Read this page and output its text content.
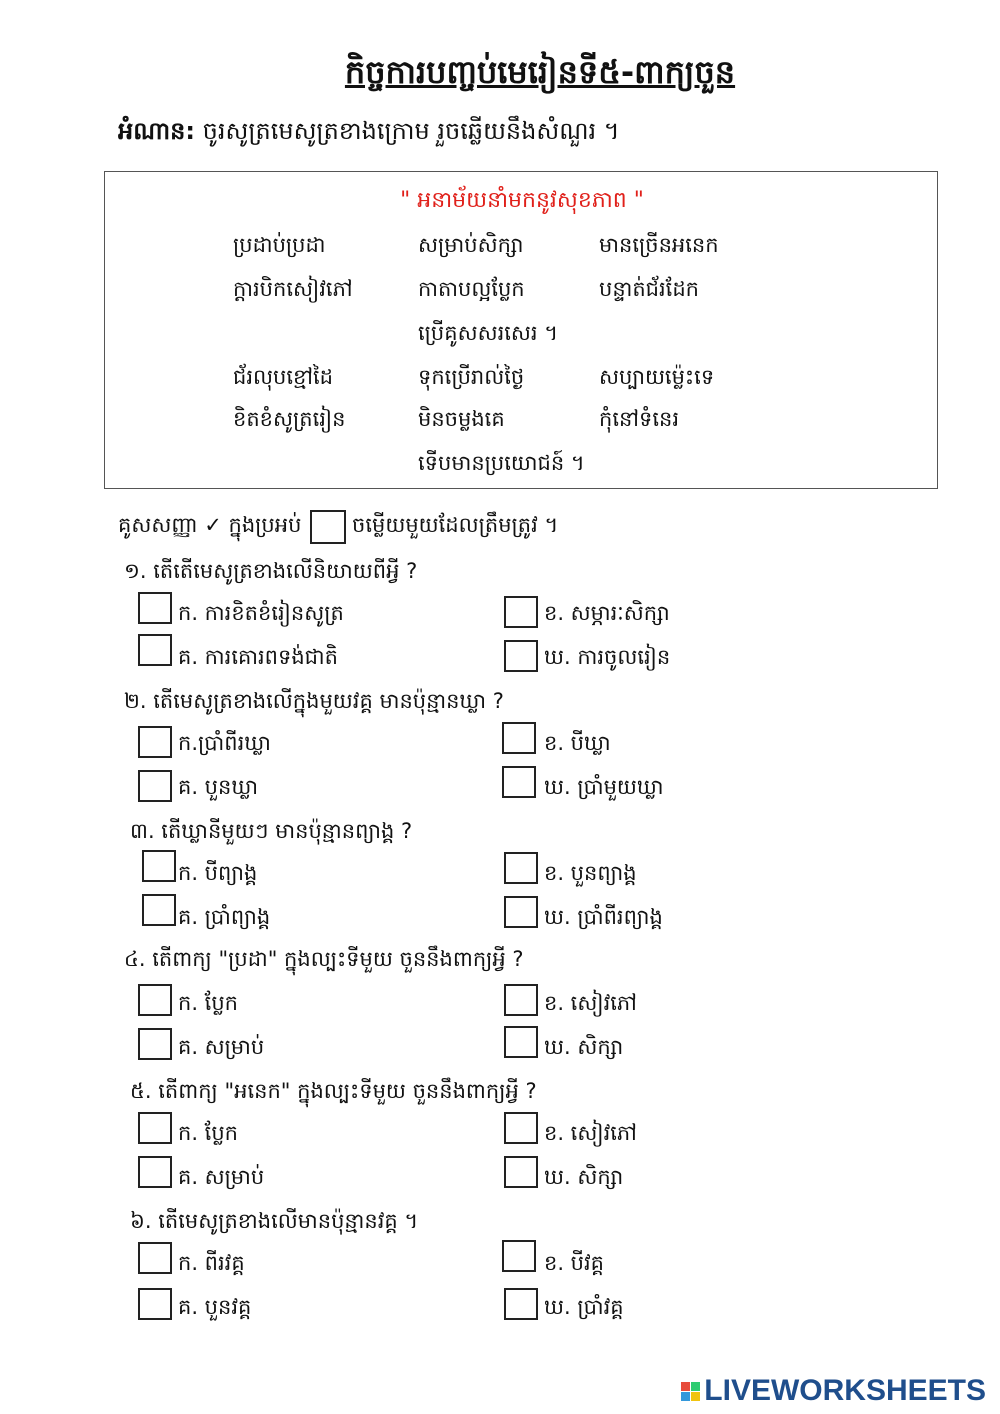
កិច្ចការបញ្ចប់មេរៀនទី៥-ពាក្យចួន
អំណាន: ចូរសូត្រមេសូត្រខាងក្រោម រួចឆ្លើយនឹងសំណួរ ។
" អនាម័យនាំមកនូវសុខភាព "
ប្រដាប់ប្រដា	សម្រាប់សិក្សា	មានច្រើនអនេក
ក្ដារបិកសៀវភៅ	កាតាបល្អប្លែក	បន្ទាត់ជ័រដែក
ប្រើគូសសរសេរ ។
ជ័រលុបខ្មៅដៃ	ទុកប្រើរាល់ថ្ងៃ	សប្បាយម្ល៉េះទេ
ខិតខំសូត្ររៀន	មិនចម្លងគេ	កុំនៅទំនេរ
ទើបមានប្រយោជន៍ ។
គូសសញ្ញា ✓ ក្នុងប្រអប់ ចម្លើយមួយដែលត្រឹមត្រូវ ។
១. តើតើមេសូត្រខាងលើនិយាយពីអ្វី ?
ក. ការខិតខំរៀនសូត្រ	ខ. សម្ភារៈសិក្សា
គ. ការគោរពទង់ជាតិ	ឃ. ការចូលរៀន
២. តើមេសូត្រខាងលើក្នុងមួយវគ្គ មានប៉ុន្មានឃ្លា ?
ក.ប្រាំពីរឃ្លា	ខ. បីឃ្លា
គ. បួនឃ្លា	ឃ. ប្រាំមួយឃ្លា
៣. តើឃ្លានីមួយៗ មានប៉ុន្មានព្យាង្គ ?
ក. បីព្យាង្គ	ខ. បួនព្យាង្គ
គ. ប្រាំព្យាង្គ	ឃ. ប្រាំពីរព្យាង្គ
៤. តើពាក្យ "ប្រដា" ក្នុងល្បះទីមួយ ចួននឹងពាក្យអ្វី ?
ក. ប្លែក	ខ. សៀវភៅ
គ. សម្រាប់	ឃ. សិក្សា
៥. តើពាក្យ "អនេក" ក្នុងល្បះទីមួយ ចួននឹងពាក្យអ្វី ?
ក. ប្លែក	ខ. សៀវភៅ
គ. សម្រាប់	ឃ. សិក្សា
៦. តើមេសូត្រខាងលើមានប៉ុន្មានវគ្គ ។
ក. ពីរវគ្គ	ខ. បីវគ្គ
គ. បួនវគ្គ	ឃ. ប្រាំវគ្គ
LIVEWORKSHEETS
